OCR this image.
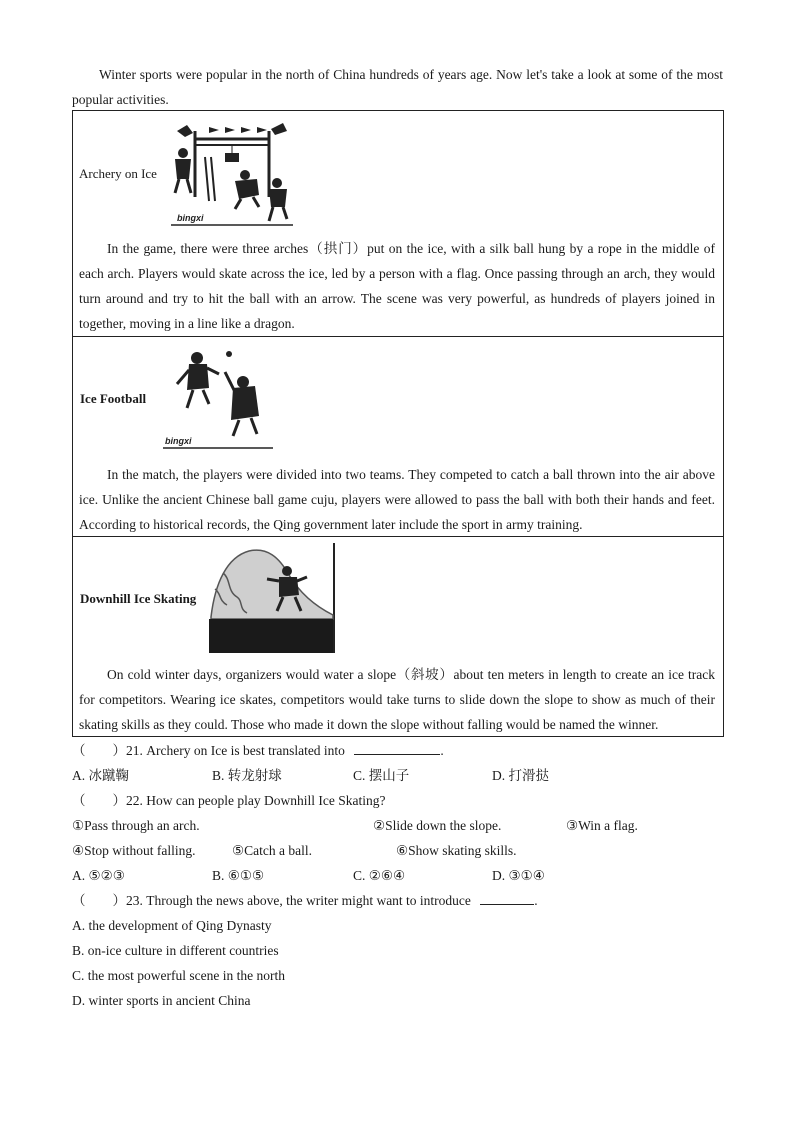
Winter sports were popular in the north of China hundreds of years age. Now let's take a look at some of the most popular activities.
Archery on Ice
bingxi
In the game, there were three arches（拱门）put on the ice, with a silk ball hung by a rope in the middle of each arch. Players would skate across the ice, led by a person with a flag. Once passing through an arch, they would turn around and try to hit the ball with an arrow. The scene was very powerful, as hundreds of players joined in together, moving in a line like a dragon.
Ice Football
bingxi
In the match, the players were divided into two teams. They competed to catch a ball thrown into the air above ice. Unlike the ancient Chinese ball game cuju, players were allowed to pass the ball with both their hands and feet. According to historical records, the Qing government later include the sport in army training.
Downhill Ice Skating
On cold winter days, organizers would water a slope（斜坡）about ten meters in length to create an ice track for competitors. Wearing ice skates, competitors would take turns to slide down the slope to show as much of their skating skills as they could. Those who made it down the slope without falling would be named the winner.
（　　）21. Archery on Ice is best translated into	.
A. 冰蹴鞠	B. 转龙射球	C. 摆山子	D. 打滑挞
（　　）22. How can people play Downhill Ice Skating?
①Pass through an arch.	②Slide down the slope.	③Win a flag.
④Stop without falling.	⑤Catch a ball.	⑥Show skating skills.
A. ⑤②③	B. ⑥①⑤	C. ②⑥④	D. ③①④
（　　）23. Through the news above, the writer might want to introduce	.
A. the development of Qing Dynasty
B. on-ice culture in different countries
C. the most powerful scene in the north
D. winter sports in ancient China
